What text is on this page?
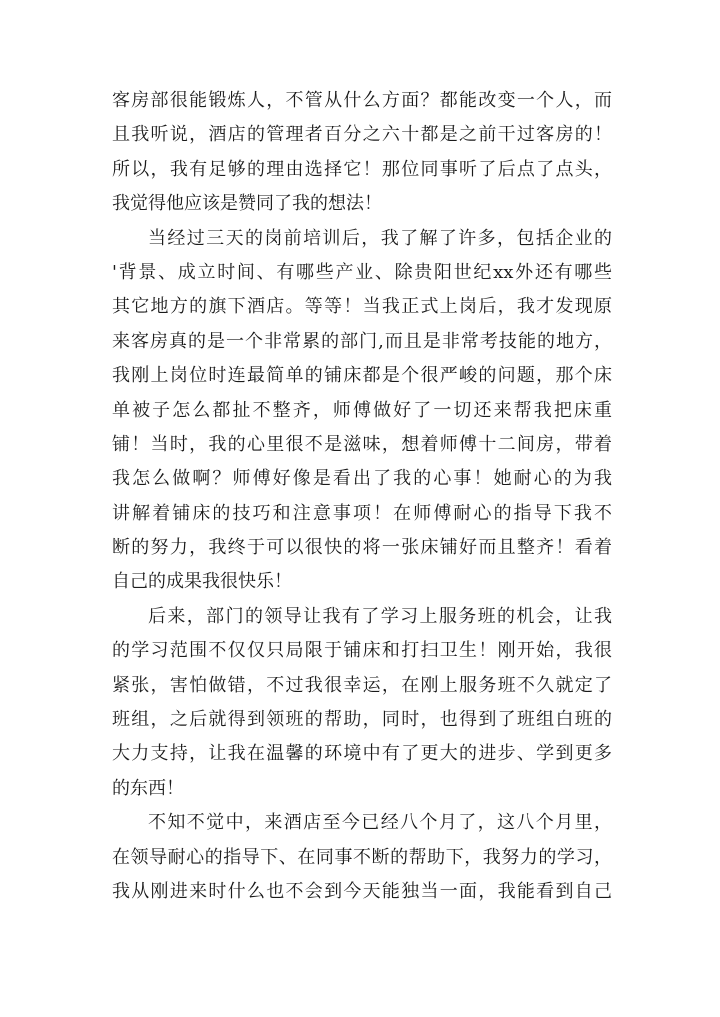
客房部很能锻炼人，不管从什么方面？都能改变一个人，而
且我听说，酒店的管理者百分之六十都是之前干过客房的！
所以，我有足够的理由选择它！那位同事听了后点了点头，
我觉得他应该是赞同了我的想法！
当经过三天的岗前培训后，我了解了许多，包括企业的
'背景、成立时间、有哪些产业、除贵阳世纪xx外还有哪些
其它地方的旗下酒店。等等！当我正式上岗后，我才发现原
来客房真的是一个非常累的部门,而且是非常考技能的地方，
我刚上岗位时连最简单的铺床都是个很严峻的问题，那个床
单被子怎么都扯不整齐，师傅做好了一切还来帮我把床重
铺！当时，我的心里很不是滋味，想着师傅十二间房，带着
我怎么做啊？师傅好像是看出了我的心事！她耐心的为我
讲解着铺床的技巧和注意事项！在师傅耐心的指导下我不
断的努力，我终于可以很快的将一张床铺好而且整齐！看着
自己的成果我很快乐！
后来，部门的领导让我有了学习上服务班的机会，让我
的学习范围不仅仅只局限于铺床和打扫卫生！刚开始，我很
紧张，害怕做错，不过我很幸运，在刚上服务班不久就定了
班组，之后就得到领班的帮助，同时，也得到了班组白班的
大力支持，让我在温馨的环境中有了更大的进步、学到更多
的东西！
不知不觉中，来酒店至今已经八个月了，这八个月里，
在领导耐心的指导下、在同事不断的帮助下，我努力的学习，
我从刚进来时什么也不会到今天能独当一面，我能看到自己
